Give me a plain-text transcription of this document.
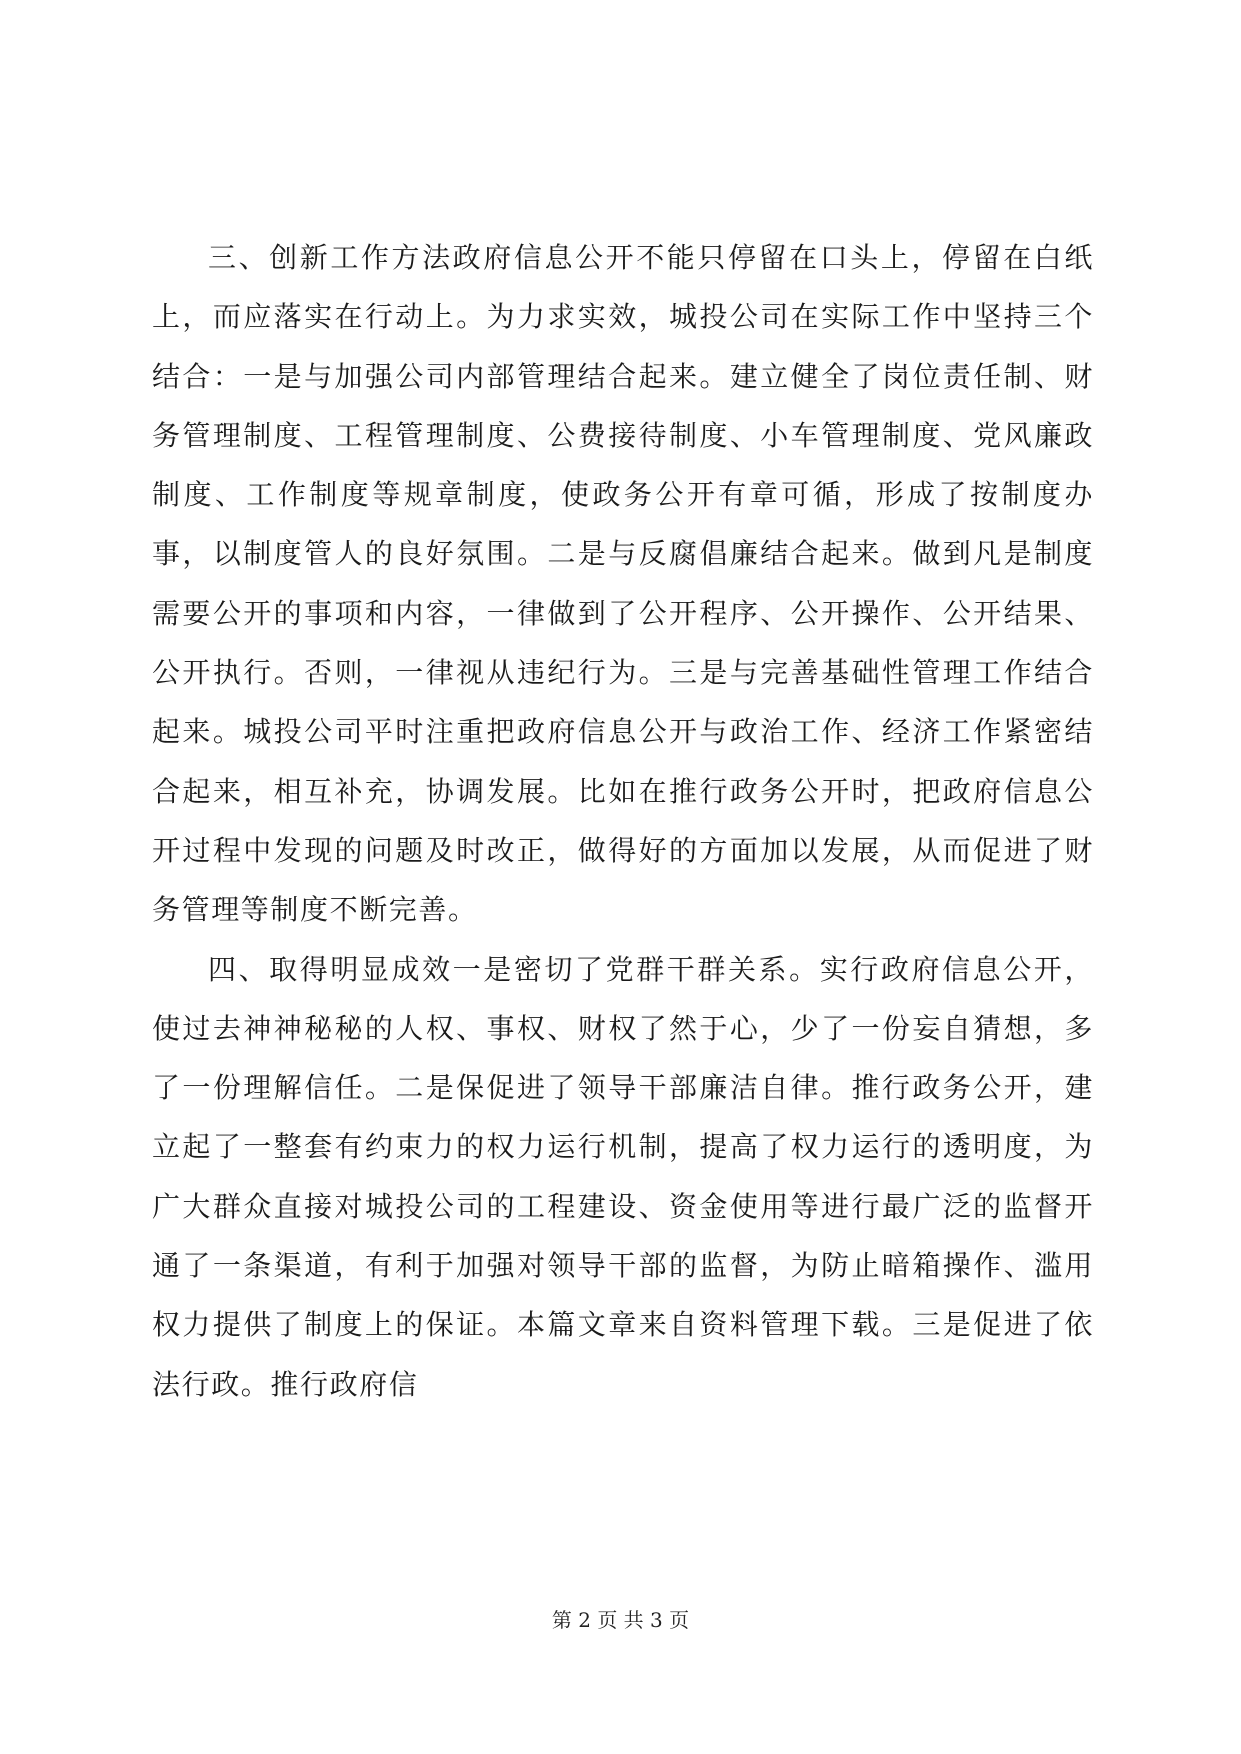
三、创新工作方法政府信息公开不能只停留在口头上，停留在白纸上，而应落实在行动上。为力求实效，城投公司在实际工作中坚持三个结合：一是与加强公司内部管理结合起来。建立健全了岗位责任制、财务管理制度、工程管理制度、公费接待制度、小车管理制度、党风廉政制度、工作制度等规章制度，使政务公开有章可循，形成了按制度办事，以制度管人的良好氛围。二是与反腐倡廉结合起来。做到凡是制度需要公开的事项和内容，一律做到了公开程序、公开操作、公开结果、公开执行。否则，一律视从违纪行为。三是与完善基础性管理工作结合起来。城投公司平时注重把政府信息公开与政治工作、经济工作紧密结合起来，相互补充，协调发展。比如在推行政务公开时，把政府信息公开过程中发现的问题及时改正，做得好的方面加以发展，从而促进了财务管理等制度不断完善。

四、取得明显成效一是密切了党群干群关系。实行政府信息公开，使过去神神秘秘的人权、事权、财权了然于心，少了一份妄自猜想，多了一份理解信任。二是保促进了领导干部廉洁自律。推行政务公开，建立起了一整套有约束力的权力运行机制，提高了权力运行的透明度，为广大群众直接对城投公司的工程建设、资金使用等进行最广泛的监督开通了一条渠道，有利于加强对领导干部的监督，为防止暗箱操作、滥用权力提供了制度上的保证。本篇文章来自资料管理下载。三是促进了依法行政。推行政府信

第 2 页 共 3 页
